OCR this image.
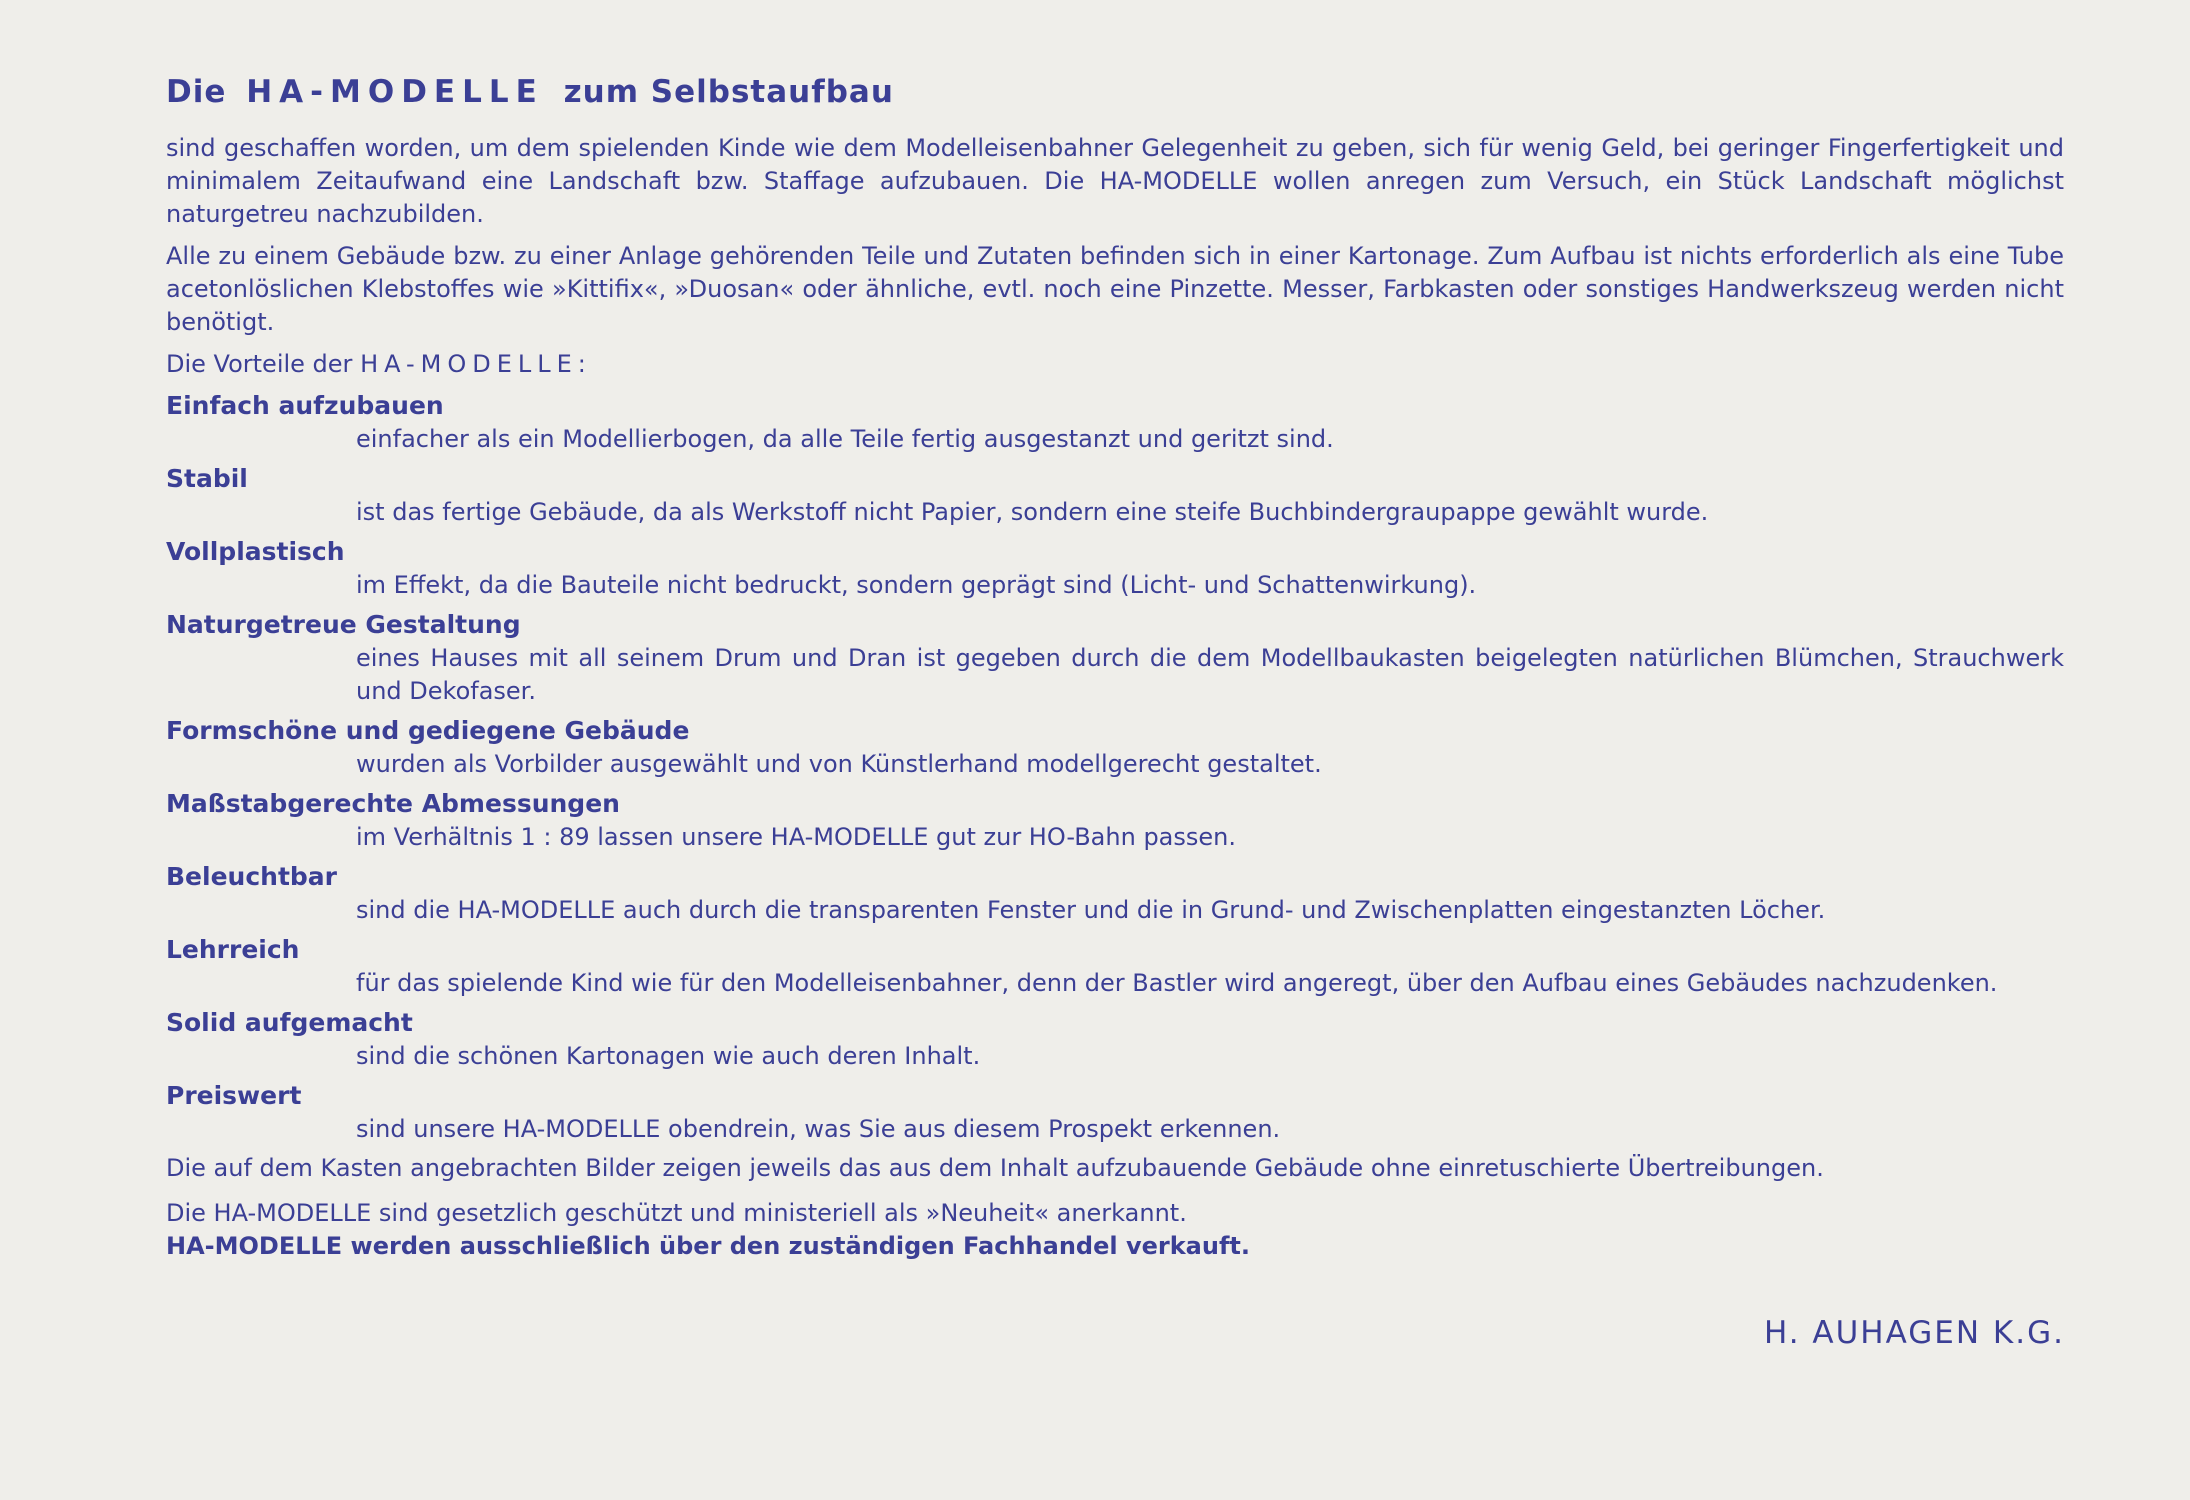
Die HA-MODELLE zum Selbstaufbau

sind geschaffen worden, um dem spielenden Kinde wie dem Modelleisenbahner Gelegenheit zu geben, sich für wenig Geld, bei geringer Fingerfertigkeit und minimalem Zeitaufwand eine Landschaft bzw. Staffage aufzubauen. Die HA-MODELLE wollen anregen zum Versuch, ein Stück Landschaft möglichst naturgetreu nachzubilden.

Alle zu einem Gebäude bzw. zu einer Anlage gehörenden Teile und Zutaten befinden sich in einer Kartonage. Zum Aufbau ist nichts erforderlich als eine Tube acetonlöslichen Klebstoffes wie »Kittifix«, »Duosan« oder ähnliche, evtl. noch eine Pinzette. Messer, Farbkasten oder sonstiges Handwerkszeug werden nicht benötigt.

Die Vorteile der HA-MODELLE:

Einfach aufzubauen

einfacher als ein Modellierbogen, da alle Teile fertig ausgestanzt und geritzt sind.

Stabil

ist das fertige Gebäude, da als Werkstoff nicht Papier, sondern eine steife Buchbindergraupappe gewählt wurde.

Vollplastisch

im Effekt, da die Bauteile nicht bedruckt, sondern geprägt sind (Licht- und Schattenwirkung).

Naturgetreue Gestaltung

eines Hauses mit all seinem Drum und Dran ist gegeben durch die dem Modellbaukasten beigelegten natürlichen Blümchen, Strauchwerk und Dekofaser.

Formschöne und gediegene Gebäude

wurden als Vorbilder ausgewählt und von Künstlerhand modellgerecht gestaltet.

Maßstabgerechte Abmessungen

im Verhältnis 1 : 89 lassen unsere HA-MODELLE gut zur HO-Bahn passen.

Beleuchtbar

sind die HA-MODELLE auch durch die transparenten Fenster und die in Grund- und Zwischenplatten eingestanzten Löcher.

Lehrreich

für das spielende Kind wie für den Modelleisenbahner, denn der Bastler wird angeregt, über den Aufbau eines Gebäudes nachzudenken.

Solid aufgemacht

sind die schönen Kartonagen wie auch deren Inhalt.

Preiswert

sind unsere HA-MODELLE obendrein, was Sie aus diesem Prospekt erkennen.

Die auf dem Kasten angebrachten Bilder zeigen jeweils das aus dem Inhalt aufzubauende Gebäude ohne einretuschierte Übertreibungen.

Die HA-MODELLE sind gesetzlich geschützt und ministeriell als »Neuheit« anerkannt.

HA-MODELLE werden ausschließlich über den zuständigen Fachhandel verkauft.

H. AUHAGEN K.G.
